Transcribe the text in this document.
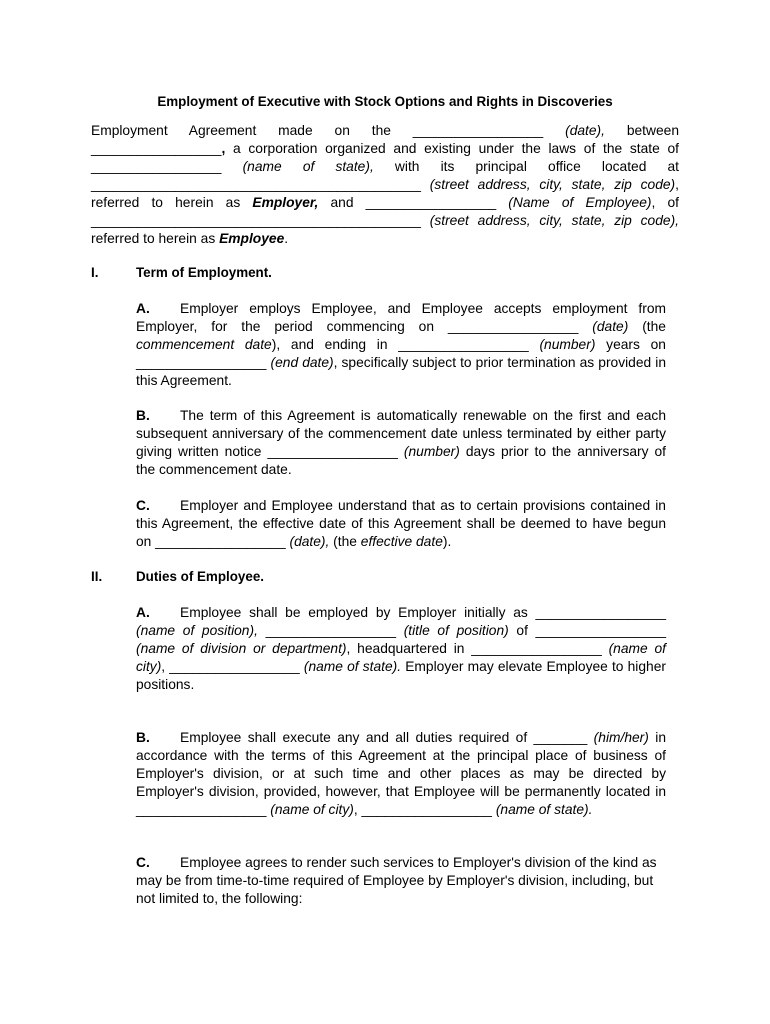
Employment of Executive with Stock Options and Rights in Discoveries
Employment Agreement made on the _________________ (date), between _________________, a corporation organized and existing under the laws of the state of _________________ (name of state), with its principal office located at ___________________________________________ (street address, city, state, zip code), referred to herein as Employer, and _________________ (Name of Employee), of ___________________________________________ (street address, city, state, zip code), referred to herein as Employee.
I.	Term of Employment.
A. Employer employs Employee, and Employee accepts employment from Employer, for the period commencing on _________________ (date) (the commencement date), and ending in _________________ (number) years on _________________ (end date), specifically subject to prior termination as provided in this Agreement.
B. The term of this Agreement is automatically renewable on the first and each subsequent anniversary of the commencement date unless terminated by either party giving written notice _________________ (number) days prior to the anniversary of the commencement date.
C. Employer and Employee understand that as to certain provisions contained in this Agreement, the effective date of this Agreement shall be deemed to have begun on _________________ (date), (the effective date).
II.	Duties of Employee.
A. Employee shall be employed by Employer initially as _________________ (name of position), _________________ (title of position) of _________________ (name of division or department), headquartered in _________________ (name of city), _________________ (name of state). Employer may elevate Employee to higher positions.
B. Employee shall execute any and all duties required of _______ (him/her) in accordance with the terms of this Agreement at the principal place of business of Employer's division, or at such time and other places as may be directed by Employer's division, provided, however, that Employee will be permanently located in _________________ (name of city), _________________ (name of state).
C. Employee agrees to render such services to Employer's division of the kind as may be from time-to-time required of Employee by Employer's division, including, but not limited to, the following:
